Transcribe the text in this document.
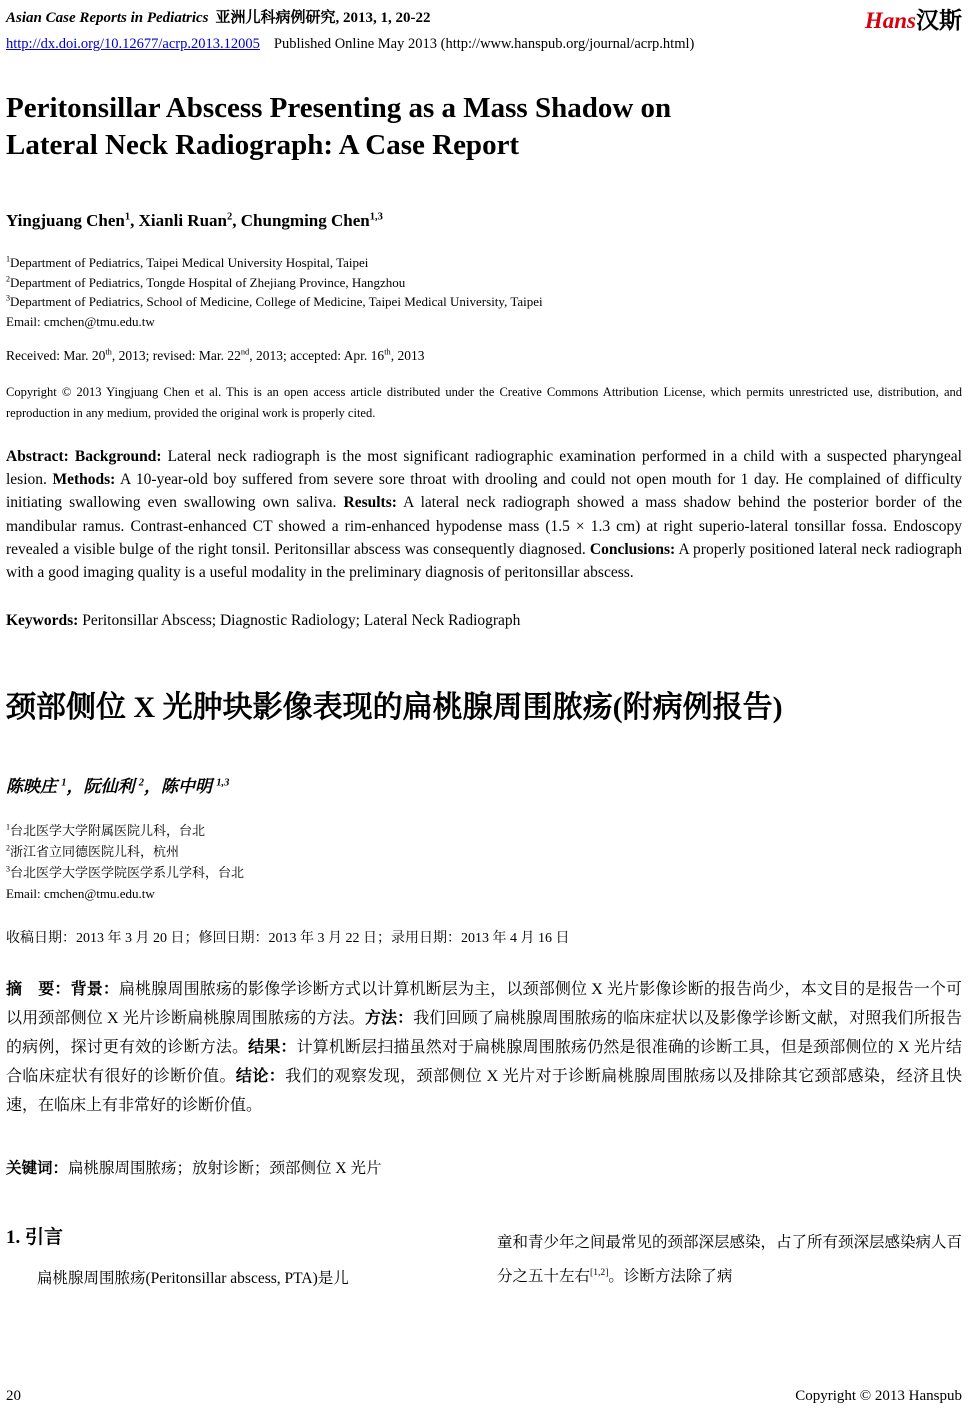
Asian Case Reports in Pediatrics 亚洲儿科病例研究, 2013, 1, 20-22
http://dx.doi.org/10.12677/acrp.2013.12005 Published Online May 2013 (http://www.hanspub.org/journal/acrp.html)
Hans汉斯
Peritonsillar Abscess Presenting as a Mass Shadow on
Lateral Neck Radiograph: A Case Report

Yingjuang Chen$^1$, Xianli Ruan$^2$, Chungming Chen$^{1,3}$

$^1$Department of Pediatrics, Taipei Medical University Hospital, Taipei
$^2$Department of Pediatrics, Tongde Hospital of Zhejiang Province, Hangzhou
$^3$Department of Pediatrics, School of Medicine, College of Medicine, Taipei Medical University, Taipei
Email: cmchen@tmu.edu.tw

Received: Mar. 20th, 2013; revised: Mar. 22nd, 2013; accepted: Apr. 16th, 2013

Copyright © 2013 Yingjuang Chen et al. This is an open access article distributed under the Creative Commons Attribution License, which permits unrestricted use, distribution, and reproduction in any medium, provided the original work is properly cited.

Abstract: Background: Lateral neck radiograph is the most significant radiographic examination performed in a child with a suspected pharyngeal lesion. Methods: A 10-year-old boy suffered from severe sore throat with drooling and could not open mouth for 1 day. He complained of difficulty initiating swallowing even swallowing own saliva. Results: A lateral neck radiograph showed a mass shadow behind the posterior border of the mandibular ramus. Contrast-enhanced CT showed a rim-enhanced hypodense mass (1.5 × 1.3 cm) at right superio-lateral tonsillar fossa. Endoscopy revealed a visible bulge of the right tonsil. Peritonsillar abscess was consequently diagnosed. Conclusions: A properly positioned lateral neck radiograph with a good imaging quality is a useful modality in the preliminary diagnosis of peritonsillar abscess.

Keywords: Peritonsillar Abscess; Diagnostic Radiology; Lateral Neck Radiograph

颈部侧位 X 光肿块影像表现的扁桃腺周围脓疡(附病例报告)

陈映庄 $^1$，阮仙利 $^2$，陈中明 $^{1,3}$

$^1$台北医学大学附属医院儿科，台北
$^2$浙江省立同德医院儿科，杭州
$^3$台北医学大学医学院医学系儿学科，台北
Email: cmchen@tmu.edu.tw

收稿日期：2013 年 3 月 20 日；修回日期：2013 年 3 月 22 日；录用日期：2013 年 4 月 16 日

摘　要：背景：扁桃腺周围脓疡的影像学诊断方式以计算机断层为主，以颈部侧位 X 光片影像诊断的报告尚少，本文目的是报告一个可以用颈部侧位 X 光片诊断扁桃腺周围脓疡的方法。方法：我们回顾了扁桃腺周围脓疡的临床症状以及影像学诊断文献，对照我们所报告的病例，探讨更有效的诊断方法。结果：计算机断层扫描虽然对于扁桃腺周围脓疡仍然是很准确的诊断工具，但是颈部侧位的 X 光片结合临床症状有很好的诊断价值。结论：我们的观察发现，颈部侧位 X 光片对于诊断扁桃腺周围脓疡以及排除其它颈部感染，经济且快速，在临床上有非常好的诊断价值。

关键词：扁桃腺周围脓疡；放射诊断；颈部侧位 X 光片

1. 引言

扁桃腺周围脓疡(Peritonsillar abscess, PTA)是儿

童和青少年之间最常见的颈部深层感染，占了所有颈深层感染病人百分之五十左右[1,2]。诊断方法除了病

20	Copyright © 2013 Hanspub
